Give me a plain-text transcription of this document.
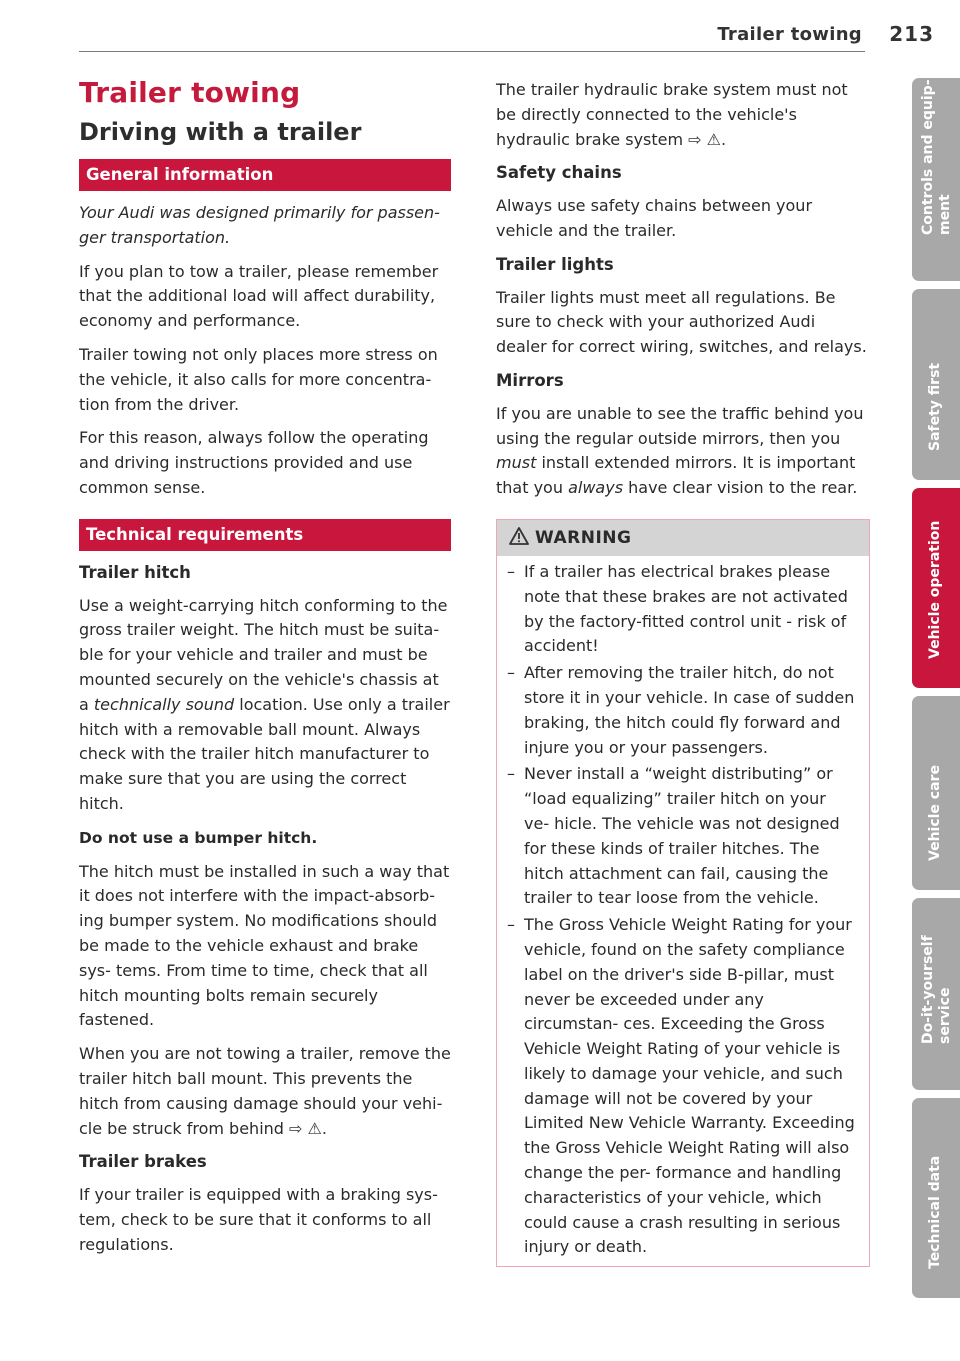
Trailer towing 213
Trailer towing
Driving with a trailer
General information

Your Audi was designed primarily for passen- ger transportation.

If you plan to tow a trailer, please remember that the additional load will affect durability, economy and performance.

Trailer towing not only places more stress on the vehicle, it also calls for more concentra- tion from the driver.

For this reason, always follow the operating and driving instructions provided and use common sense.

Technical requirements
Trailer hitch

Use a weight-carrying hitch conforming to the gross trailer weight. The hitch must be suita- ble for your vehicle and trailer and must be mounted securely on the vehicle's chassis at a technically sound location. Use only a trailer hitch with a removable ball mount. Always check with the trailer hitch manufacturer to make sure that you are using the correct hitch.

Do not use a bumper hitch.

The hitch must be installed in such a way that it does not interfere with the impact-absorb- ing bumper system. No modifications should be made to the vehicle exhaust and brake sys- tems. From time to time, check that all hitch mounting bolts remain securely fastened.

When you are not towing a trailer, remove the trailer hitch ball mount. This prevents the hitch from causing damage should your vehi- cle be struck from behind ⇨ ⚠.

Trailer brakes

If your trailer is equipped with a braking sys- tem, check to be sure that it conforms to all regulations.

The trailer hydraulic brake system must not be directly connected to the vehicle's hydraulic brake system ⇨ ⚠.

Safety chains

Always use safety chains between your vehicle and the trailer.

Trailer lights

Trailer lights must meet all regulations. Be sure to check with your authorized Audi dealer for correct wiring, switches, and relays.

Mirrors

If you are unable to see the traffic behind you using the regular outside mirrors, then you must install extended mirrors. It is important that you always have clear vision to the rear.

WARNING
– If a trailer has electrical brakes please note that these brakes are not activated by the factory-fitted control unit - risk of accident!
– After removing the trailer hitch, do not store it in your vehicle. In case of sudden braking, the hitch could fly forward and injure you or your passengers.
– Never install a “weight distributing” or “load equalizing” trailer hitch on your ve- hicle. The vehicle was not designed for these kinds of trailer hitches. The hitch attachment can fail, causing the trailer to tear loose from the vehicle.
– The Gross Vehicle Weight Rating for your vehicle, found on the safety compliance label on the driver's side B-pillar, must never be exceeded under any circumstan- ces. Exceeding the Gross Vehicle Weight Rating of your vehicle is likely to damage your vehicle, and such damage will not be covered by your Limited New Vehicle Warranty. Exceeding the Gross Vehicle Weight Rating will also change the per- formance and handling characteristics of your vehicle, which could cause a crash resulting in serious injury or death.
Controls and equip- ment
Safety first
Vehicle operation
Vehicle care
Do-it-yourself service
Technical data
